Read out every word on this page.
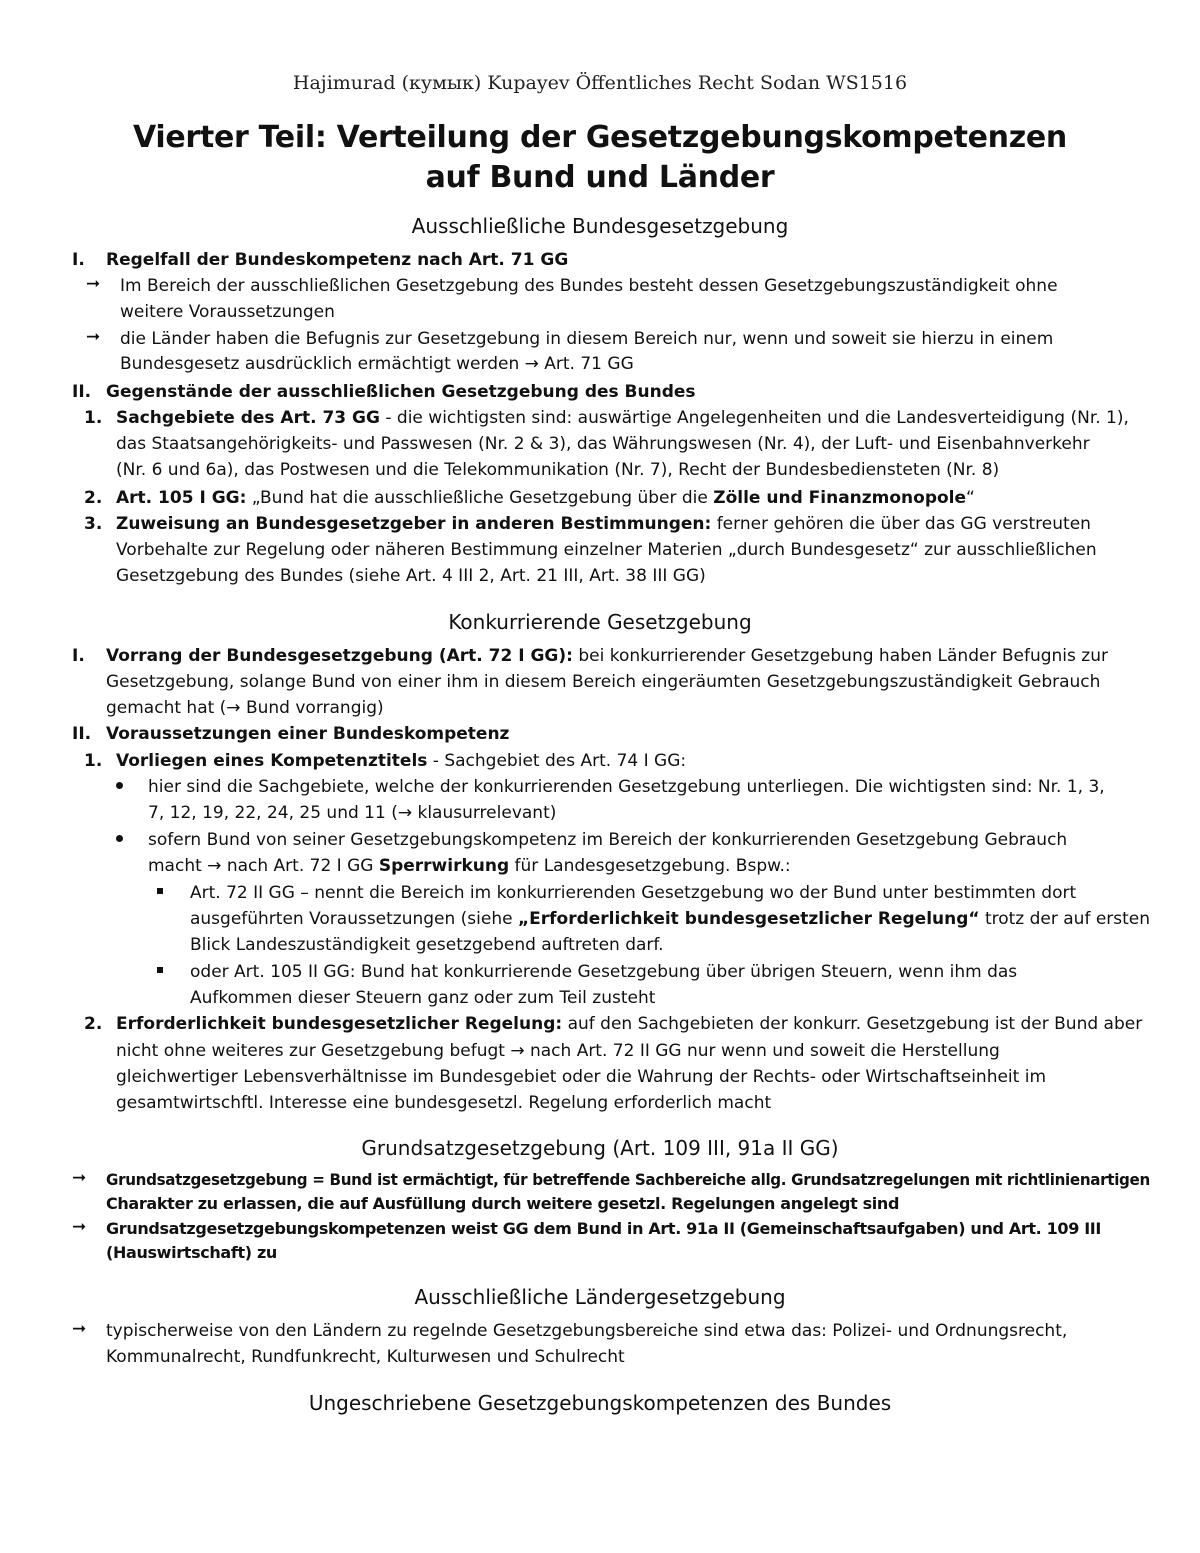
Hajimurad (кумык) Kupayev Öffentliches Recht Sodan WS1516
Vierter Teil: Verteilung der Gesetzgebungskompetenzen
auf Bund und Länder
Ausschließliche Bundesgesetzgebung
I. Regelfall der Bundeskompetenz nach Art. 71 GG
➞ Im Bereich der ausschließlichen Gesetzgebung des Bundes besteht dessen Gesetzgebungszuständigkeit ohne
weitere Voraussetzungen
➞ die Länder haben die Befugnis zur Gesetzgebung in diesem Bereich nur, wenn und soweit sie hierzu in einem
Bundesgesetz ausdrücklich ermächtigt werden → Art. 71 GG
II. Gegenstände der ausschließlichen Gesetzgebung des Bundes
1. Sachgebiete des Art. 73 GG - die wichtigsten sind: auswärtige Angelegenheiten und die Landesverteidigung (Nr. 1),
das Staatsangehörigkeits- und Passwesen (Nr. 2 & 3), das Währungswesen (Nr. 4), der Luft- und Eisenbahnverkehr
(Nr. 6 und 6a), das Postwesen und die Telekommunikation (Nr. 7), Recht der Bundesbediensteten (Nr. 8)
2. Art. 105 I GG: „Bund hat die ausschließliche Gesetzgebung über die Zölle und Finanzmonopole“
3. Zuweisung an Bundesgesetzgeber in anderen Bestimmungen: ferner gehören die über das GG verstreuten
Vorbehalte zur Regelung oder näheren Bestimmung einzelner Materien „durch Bundesgesetz“ zur ausschließlichen
Gesetzgebung des Bundes (siehe Art. 4 III 2, Art. 21 III, Art. 38 III GG)
Konkurrierende Gesetzgebung
I. Vorrang der Bundesgesetzgebung (Art. 72 I GG): bei konkurrierender Gesetzgebung haben Länder Befugnis zur
Gesetzgebung, solange Bund von einer ihm in diesem Bereich eingeräumten Gesetzgebungszuständigkeit Gebrauch
gemacht hat (→ Bund vorrangig)
II. Voraussetzungen einer Bundeskompetenz
1. Vorliegen eines Kompetenztitels - Sachgebiet des Art. 74 I GG:
hier sind die Sachgebiete, welche der konkurrierenden Gesetzgebung unterliegen. Die wichtigsten sind: Nr. 1, 3,
7, 12, 19, 22, 24, 25 und 11 (→ klausurrelevant)
sofern Bund von seiner Gesetzgebungskompetenz im Bereich der konkurrierenden Gesetzgebung Gebrauch
macht → nach Art. 72 I GG Sperrwirkung für Landesgesetzgebung. Bspw.:
Art. 72 II GG – nennt die Bereich im konkurrierenden Gesetzgebung wo der Bund unter bestimmten dort
ausgeführten Voraussetzungen (siehe „Erforderlichkeit bundesgesetzlicher Regelung“ trotz der auf ersten
Blick Landeszuständigkeit gesetzgebend auftreten darf.
oder Art. 105 II GG: Bund hat konkurrierende Gesetzgebung über übrigen Steuern, wenn ihm das
Aufkommen dieser Steuern ganz oder zum Teil zusteht
2. Erforderlichkeit bundesgesetzlicher Regelung: auf den Sachgebieten der konkurr. Gesetzgebung ist der Bund aber
nicht ohne weiteres zur Gesetzgebung befugt → nach Art. 72 II GG nur wenn und soweit die Herstellung
gleichwertiger Lebensverhältnisse im Bundesgebiet oder die Wahrung der Rechts- oder Wirtschaftseinheit im
gesamtwirtschftl. Interesse eine bundesgesetzl. Regelung erforderlich macht
Grundsatzgesetzgebung (Art. 109 III, 91a II GG)
➞ Grundsatzgesetzgebung = Bund ist ermächtigt, für betreffende Sachbereiche allg. Grundsatzregelungen mit richtlinienartigen
Charakter zu erlassen, die auf Ausfüllung durch weitere gesetzl. Regelungen angelegt sind
➞ Grundsatzgesetzgebungskompetenzen weist GG dem Bund in Art. 91a II (Gemeinschaftsaufgaben) und Art. 109 III
(Hauswirtschaft) zu
Ausschließliche Ländergesetzgebung
➞ typischerweise von den Ländern zu regelnde Gesetzgebungsbereiche sind etwa das: Polizei- und Ordnungsrecht,
Kommunalrecht, Rundfunkrecht, Kulturwesen und Schulrecht
Ungeschriebene Gesetzgebungskompetenzen des Bundes
